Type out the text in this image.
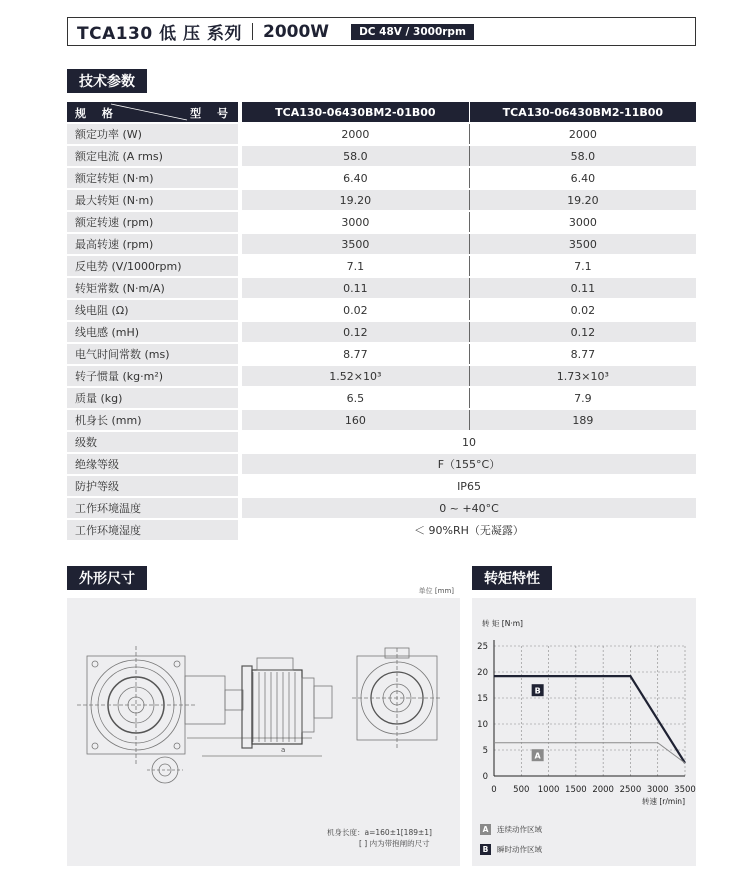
TCA130 低 压 系列 2000W	DC 48V / 3000rpm
技术参数
规 格 型 号		TCA130-06430BM2-01B00	TCA130-06430BM2-11B00
额定功率 (W)		2000	2000
额定电流 (A rms)		58.0	58.0
额定转矩 (N·m)		6.40	6.40
最大转矩 (N·m)		19.20	19.20
额定转速 (rpm)		3000	3000
最高转速 (rpm)		3500	3500
反电势 (V/1000rpm)		7.1	7.1
转矩常数 (N·m/A)		0.11	0.11
线电阻 (Ω)		0.02	0.02
线电感 (mH)		0.12	0.12
电气时间常数 (ms)		8.77	8.77
转子惯量 (kg·m²)		1.52×10³	1.73×10³
质量 (kg)		6.5	7.9
机身长 (mm)		160	189
级数		10	
绝缘等级		F（155°C）	
防护等级		IP65	
工作环境温度		0 ~ +40°C	
工作环境湿度		＜ 90%RH（无凝露）	
外形尺寸	转矩特性
单位 [mm]
a
机身长度：a=160±1[189±1]
[ ] 内为带抱闸的尺寸
0 500 1000 1500 2000 2500 3000 3500
0
5
10
15
20
25
转 矩 [N·m]
转速 [r/min]
B
A
A	连续动作区域
B	瞬时动作区域
